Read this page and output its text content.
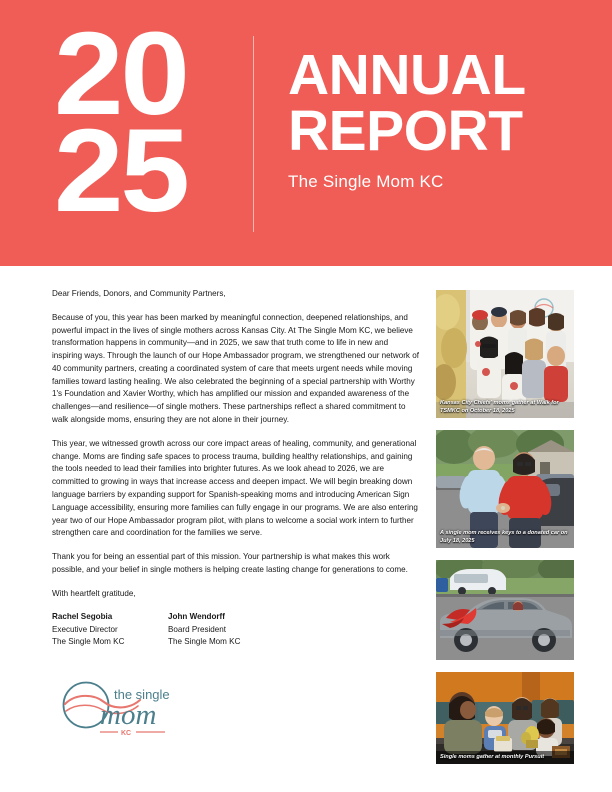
20
25
ANNUAL
REPORT
The Single Mom KC

Dear Friends, Donors, and Community Partners,

Because of you, this year has been marked by meaningful connection, deepened relationships, and powerful impact in the lives of single mothers across Kansas City. At The Single Mom KC, we believe transformation happens in community—and in 2025, we saw that truth come to life in new and inspiring ways. Through the launch of our Hope Ambassador program, we strengthened our network of 40 community partners, creating a coordinated system of care that meets urgent needs while moving families toward lasting healing. We also celebrated the beginning of a special partnership with Worthy 1's Foundation and Xavier Worthy, which has amplified our mission and expanded awareness of the challenges—and resilience—of single mothers. These partnerships reflect a shared commitment to walk alongside moms, ensuring they are not alone in their journey.

This year, we witnessed growth across our core impact areas of healing, community, and generational change. Moms are finding safe spaces to process trauma, building healthy relationships, and gaining the tools needed to lead their families into brighter futures. As we look ahead to 2026, we are committed to growing in ways that increase access and deepen impact. We will begin breaking down language barriers by expanding support for Spanish-speaking moms and introducing American Sign Language accessibility, ensuring more families can fully engage in our programs. We are also entering year two of our Hope Ambassador program pilot, with plans to welcome a social work intern to further strengthen care and coordination for the families we serve.

Thank you for being an essential part of this mission. Your partnership is what makes this work possible, and your belief in single mothers is helping create lasting change for generations to come.

With heartfelt gratitude,

Rachel Segobia
Executive Director
The Single Mom KC
John Wendorff
Board President
The Single Mom KC
the single
mom
KC
Kansas City Chiefs' moms gather at Walk for TSMKC on October 18, 2025
A single mom receives keys to a donated car on July 18, 2025
Single moms gather at monthly Pursuit
